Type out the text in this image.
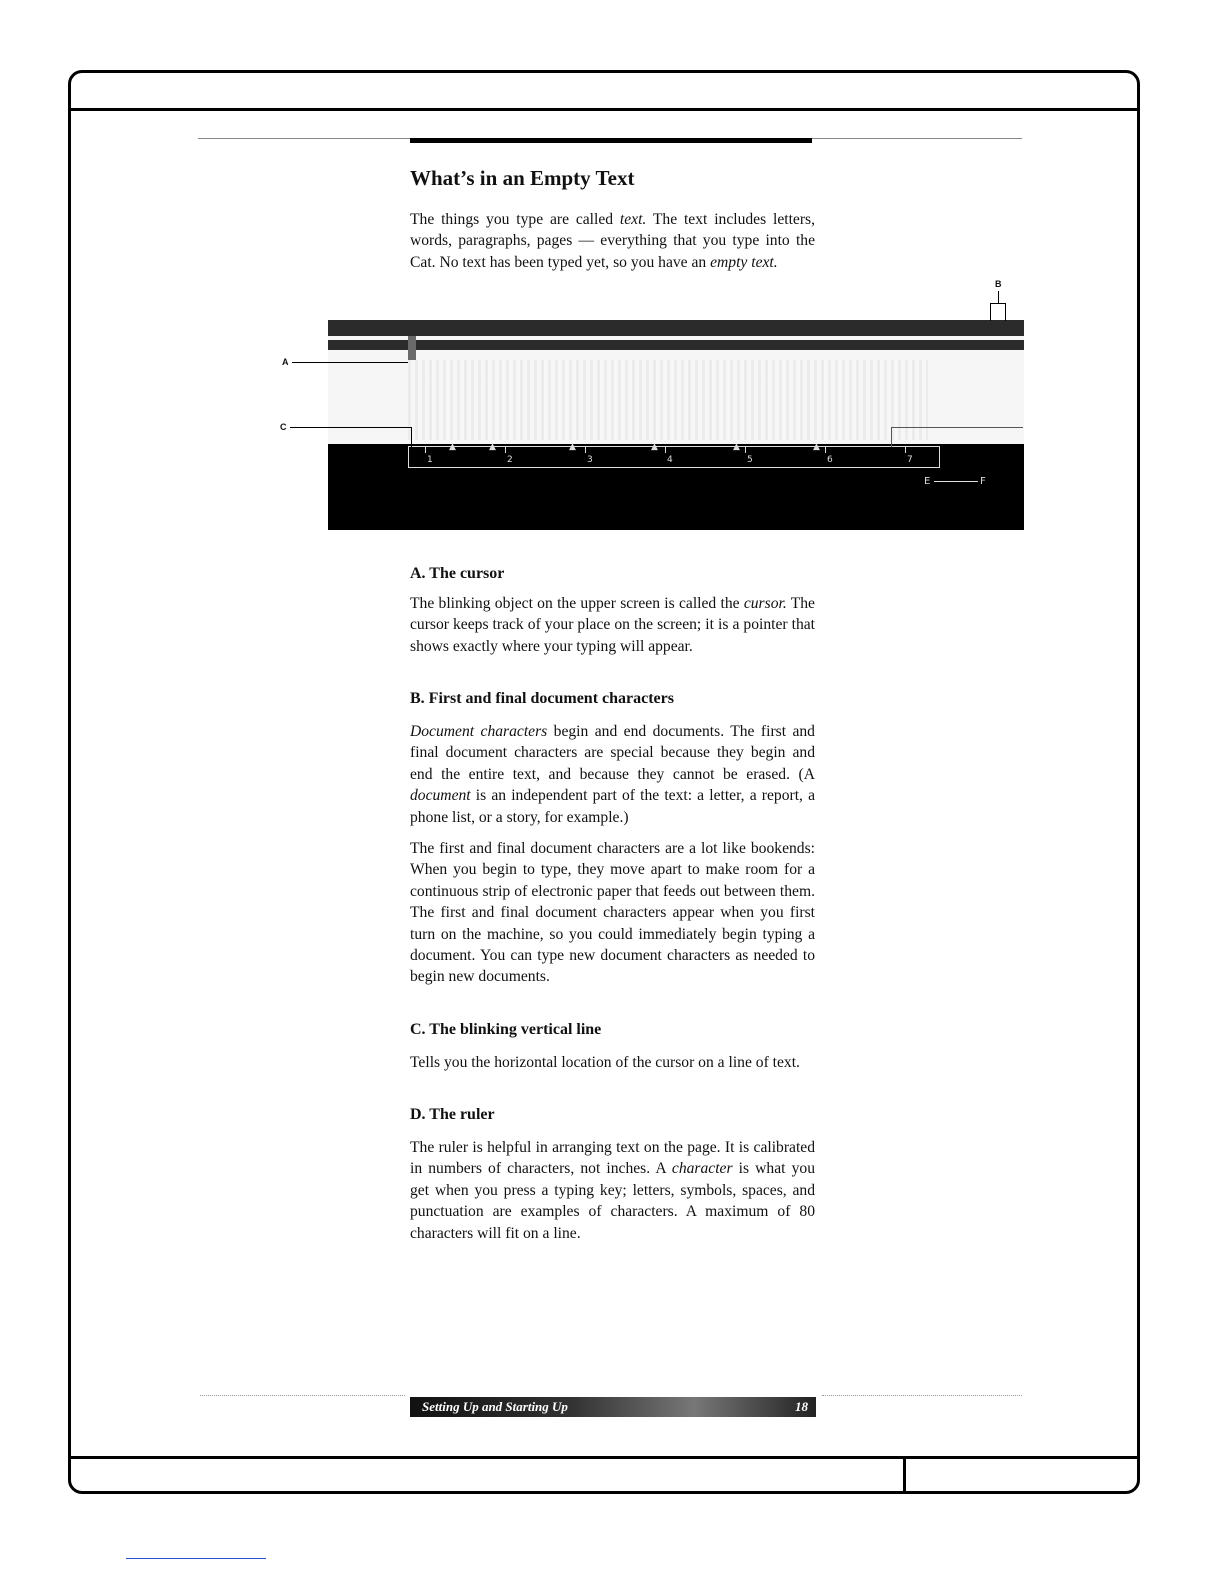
What’s in an Empty Text

The things you type are called text. The text includes letters, words, paragraphs, pages — everything that you type into the Cat. No text has been typed yet, so you have an empty text.

▲	▲	▲	▲	▲	▲
1	2	3	4	5	6	7
E	F
A
B
C
A. The cursor

The blinking object on the upper screen is called the cursor. The cursor keeps track of your place on the screen; it is a pointer that shows exactly where your typing will appear.

B. First and final document characters

Document characters begin and end documents. The first and final document characters are special because they begin and end the entire text, and because they cannot be erased. (A document is an independent part of the text: a letter, a report, a phone list, or a story, for example.)

The first and final document characters are a lot like bookends: When you begin to type, they move apart to make room for a continuous strip of electronic paper that feeds out between them. The first and final document characters appear when you first turn on the machine, so you could immediately begin typing a document. You can type new document characters as needed to begin new documents.

C. The blinking vertical line

Tells you the horizontal location of the cursor on a line of text.

D. The ruler

The ruler is helpful in arranging text on the page. It is calibrated in numbers of characters, not inches. A character is what you get when you press a typing key; letters, symbols, spaces, and punctuation are examples of characters. A maximum of 80 characters will fit on a line.

Setting Up and Starting Up	18
